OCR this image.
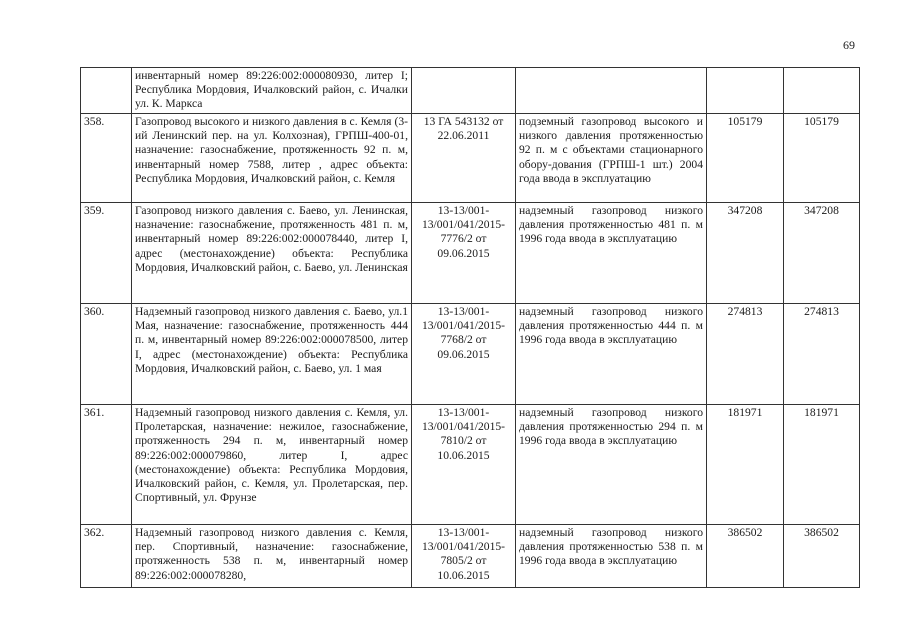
69
	инвентарный номер 89:226:002:000080930, литер I; Республика Мордовия, Ичалковский район, с. Ичалки ул. К. Маркса				
358.	Газопровод высокого и низкого давления в с. Кемля (3-ий Ленинский пер. на ул. Колхозная), ГРПШ-400-01, назначение: газоснабжение, протяженность 92 п. м, инвентарный номер 7588, литер , адрес объекта: Республика Мордовия, Ичалковский район, с. Кемля	13 ГА 543132 от 22.06.2011	подземный газопровод высокого и низкого давления протяженностью 92 п. м с объектами стационарного обору-дования (ГРПШ-1 шт.) 2004 года ввода в эксплуатацию	105179	105179
359.	Газопровод низкого давления с. Баево, ул. Ленинская, назначение: газоснабжение, протяженность 481 п. м, инвентарный номер 89:226:002:000078440, литер I, адрес (местонахождение) объекта: Республика Мордовия, Ичалковский район, с. Баево, ул. Ленинская	13-13/001-13/001/041/2015-7776/2 от 09.06.2015	надземный газопровод низкого давления протяженностью 481 п. м 1996 года ввода в эксплуатацию	347208	347208
360.	Надземный газопровод низкого давления с. Баево, ул.1 Мая, назначение: газоснабжение, протяженность 444 п. м, инвентарный номер 89:226:002:000078500, литер I, адрес (местонахождение) объекта: Республика Мордовия, Ичалковский район, с. Баево, ул. 1 мая	13-13/001-13/001/041/2015-7768/2 от 09.06.2015	надземный газопровод низкого давления протяженностью 444 п. м 1996 года ввода в эксплуатацию	274813	274813
361.	Надземный газопровод низкого давления с. Кемля, ул. Пролетарская, назначение: нежилое, газоснабжение, протяженность 294 п. м, инвентарный номер 89:226:002:000079860, литер I, адрес (местонахождение) объекта: Республика Мордовия, Ичалковский район, с. Кемля, ул. Пролетарская, пер. Спортивный, ул. Фрунзе	13-13/001-13/001/041/2015-7810/2 от 10.06.2015	надземный газопровод низкого давления протяженностью 294 п. м 1996 года ввода в эксплуатацию	181971	181971
362.	Надземный газопровод низкого давления с. Кемля, пер. Спортивный, назначение: газоснабжение, протяженность 538 п. м, инвентарный номер 89:226:002:000078280,	13-13/001-13/001/041/2015-7805/2 от 10.06.2015	надземный газопровод низкого давления протяженностью 538 п. м 1996 года ввода в эксплуатацию	386502	386502
